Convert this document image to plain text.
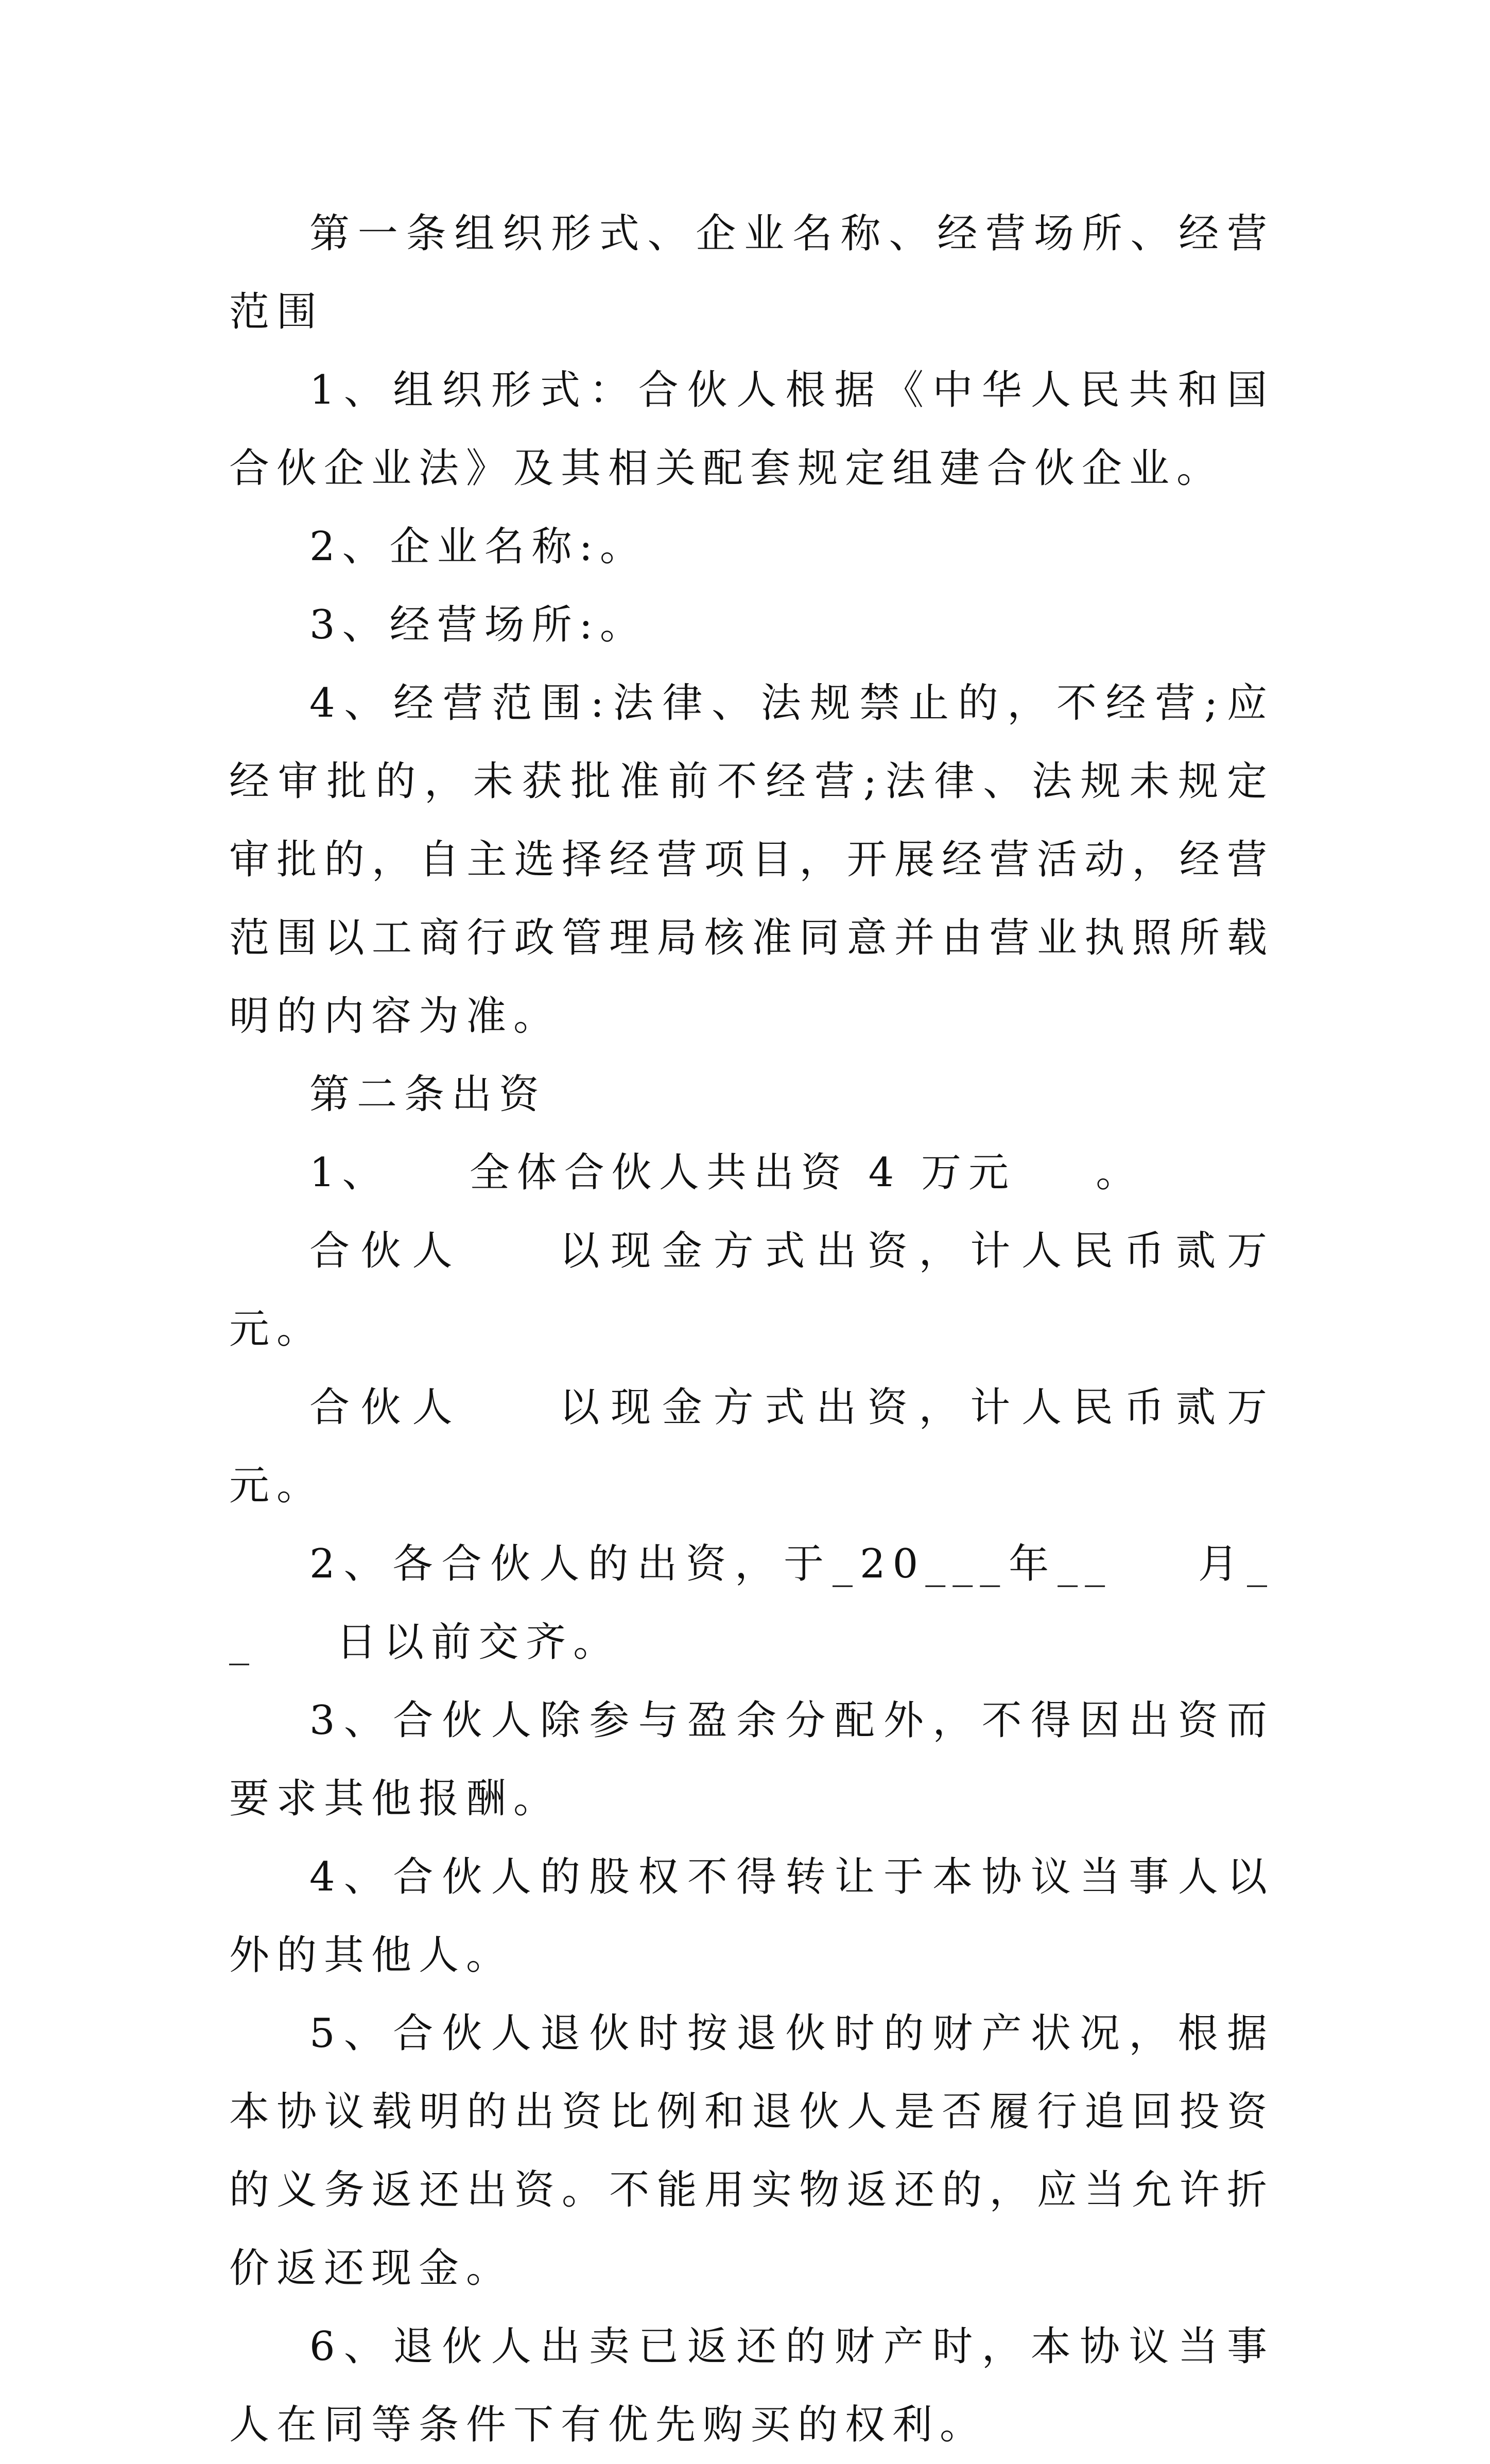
第一条组织形式、企业名称、经营场所、经营范围

1、组织形式：合伙人根据《中华人民共和国合伙企业法》及其相关配套规定组建合伙企业。

2、企业名称:。

3、经营场所:。

4、经营范围:法律、法规禁止的，不经营;应经审批的，未获批准前不经营;法律、法规未规定审批的，自主选择经营项目，开展经营活动，经营范围以工商行政管理局核准同意并由营业执照所载明的内容为准。

第二条出资

1、    全体合伙人共出资 4 万元    。

合伙人    以现金方式出资，计人民币贰万元。

合伙人    以现金方式出资，计人民币贰万元。

2、各合伙人的出资，于_20___年__    月__    日以前交齐。

3、合伙人除参与盈余分配外，不得因出资而要求其他报酬。

4、合伙人的股权不得转让于本协议当事人以外的其他人。

5、合伙人退伙时按退伙时的财产状况，根据本协议载明的出资比例和退伙人是否履行追回投资的义务返还出资。不能用实物返还的，应当允许折价返还现金。

6、退伙人出卖已返还的财产时，本协议当事人在同等条件下有优先购买的权利。
